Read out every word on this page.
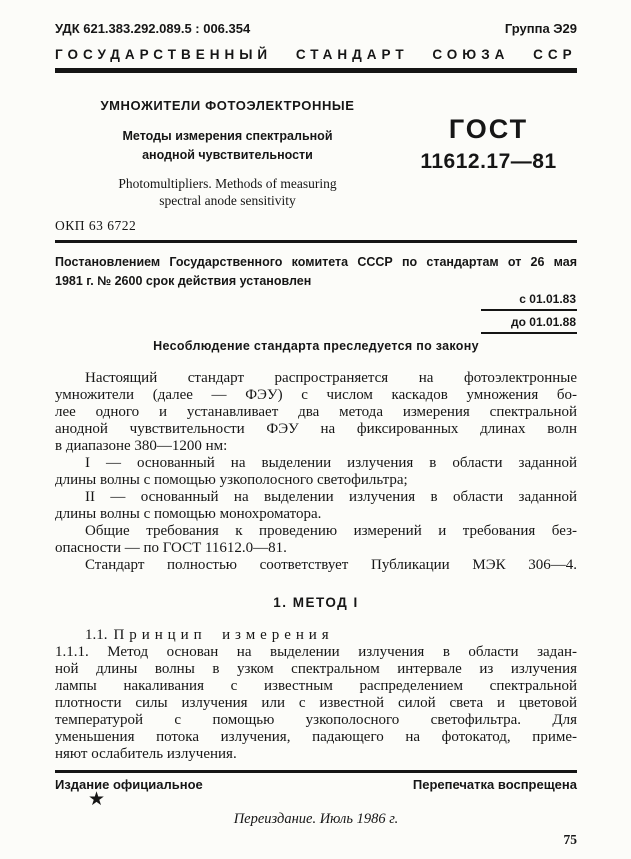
УДК 621.383.292.089.5 : 006.354	Группа Э29
ГОСУДАРСТВЕННЫЙ СТАНДАРТ СОЮЗА ССР
УМНОЖИТЕЛИ ФОТОЭЛЕКТРОННЫЕ
Методы измерения спектральной
анодной чувствительности
Photomultipliers. Methods of measuring
spectral anode sensitivity
ГОСТ
11612.17—81
ОКП 63 6722
Постановлением Государственного комитета СССР по стандартам от 26 мая
1981 г. № 2600 срок действия установлен
с 01.01.83
до 01.01.88
Несоблюдение стандарта преследуется по закону
Настоящий стандарт распространяется на фотоэлектронные
умножители (далее — ФЭУ) с числом каскадов умножения бо-
лее одного и устанавливает два метода измерения спектральной
анодной чувствительности ФЭУ на фиксированных длинах волн
в диапазоне 380—1200 нм:
I — основанный на выделении излучения в области заданной
длины волны с помощью узкополосного светофильтра;
II — основанный на выделении излучения в области заданной
длины волны с помощью монохроматора.
Общие требования к проведению измерений и требования без-
опасности — по ГОСТ 11612.0—81.
Стандарт полностью соответствует Публикации МЭК 306—4.
1. МЕТОД I
1.1. Принцип измерения
1.1.1. Метод основан на выделении излучения в области задан-
ной длины волны в узком спектральном интервале из излучения
лампы накаливания с известным распределением спектральной
плотности силы излучения или с известной силой света и цветовой
температурой с помощью узкополосного светофильтра. Для
уменьшения потока излучения, падающего на фотокатод, приме-
няют ослабитель излучения.
Издание официальное	Перепечатка воспрещена
★
Переиздание. Июль 1986 г.
75
